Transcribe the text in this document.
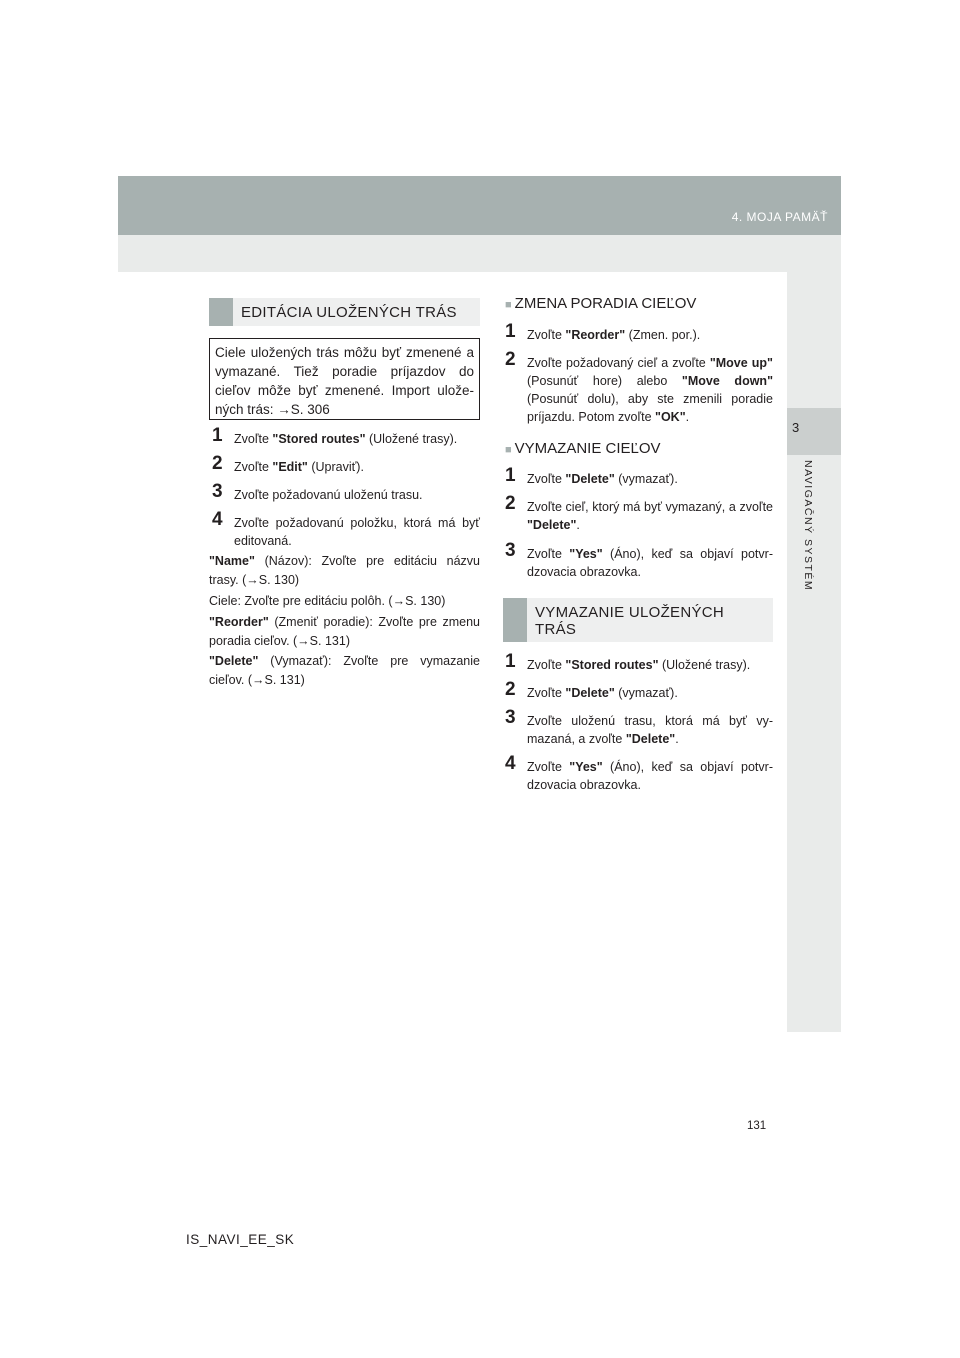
4. MOJA PAMÄŤ
3
NAVIGAČNÝ SYSTÉM
EDITÁCIA ULOŽENÝCH TRÁS
Ciele uložených trás môžu byť zmenené a vymazané. Tiež poradie príjazdov do cieľov môže byť zmenené. Import ulože-ných trás: →S. 306
1 Zvoľte "Stored routes" (Uložené trasy).
2 Zvoľte "Edit" (Upraviť).
3 Zvoľte požadovanú uloženú trasu.
4 Zvoľte požadovanú položku, ktorá má byť editovaná.
"Name" (Názov): Zvoľte pre editáciu názvu trasy. (→S. 130)
Ciele: Zvoľte pre editáciu polôh. (→S. 130)
"Reorder" (Zmeniť poradie): Zvoľte pre zmenu poradia cieľov. (→S. 131)
"Delete" (Vymazať): Zvoľte pre vymazanie cieľov. (→S. 131)
■ ZMENA PORADIA CIEĽOV
1 Zvoľte "Reorder" (Zmen. por.).
2 Zvoľte požadovaný cieľ a zvoľte "Move up" (Posunúť hore) alebo "Move down" (Posunúť dolu), aby ste zmenili poradie príjazdu. Potom zvoľte "OK".
■ VYMAZANIE CIEĽOV
1 Zvoľte "Delete" (vymazať).
2 Zvoľte cieľ, ktorý má byť vymazaný, a zvoľte "Delete".
3 Zvoľte "Yes" (Áno), keď sa objaví potvr-dzovacia obrazovka.
VYMAZANIE ULOŽENÝCH
TRÁS
1 Zvoľte "Stored routes" (Uložené trasy).
2 Zvoľte "Delete" (vymazať).
3 Zvoľte uloženú trasu, ktorá má byť vy-mazaná, a zvoľte "Delete".
4 Zvoľte "Yes" (Áno), keď sa objaví potvr-dzovacia obrazovka.
131
IS_NAVI_EE_SK
